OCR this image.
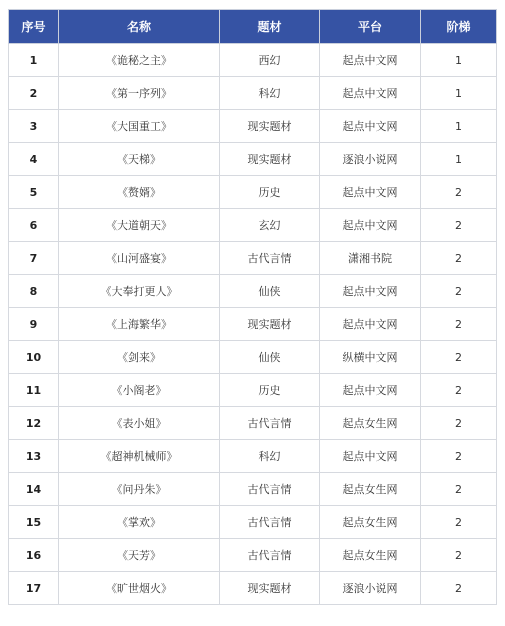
序号	名称	题材	平台	阶梯
1	《诡秘之主》	西幻	起点中文网	1
2	《第一序列》	科幻	起点中文网	1
3	《大国重工》	现实题材	起点中文网	1
4	《天梯》	现实题材	逐浪小说网	1
5	《赘婿》	历史	起点中文网	2
6	《大道朝天》	玄幻	起点中文网	2
7	《山河盛宴》	古代言情	潇湘书院	2
8	《大奉打更人》	仙侠	起点中文网	2
9	《上海繁华》	现实题材	起点中文网	2
10	《剑来》	仙侠	纵横中文网	2
11	《小阁老》	历史	起点中文网	2
12	《表小姐》	古代言情	起点女生网	2
13	《超神机械师》	科幻	起点中文网	2
14	《问丹朱》	古代言情	起点女生网	2
15	《掌欢》	古代言情	起点女生网	2
16	《天芳》	古代言情	起点女生网	2
17	《旷世烟火》	现实题材	逐浪小说网	2
